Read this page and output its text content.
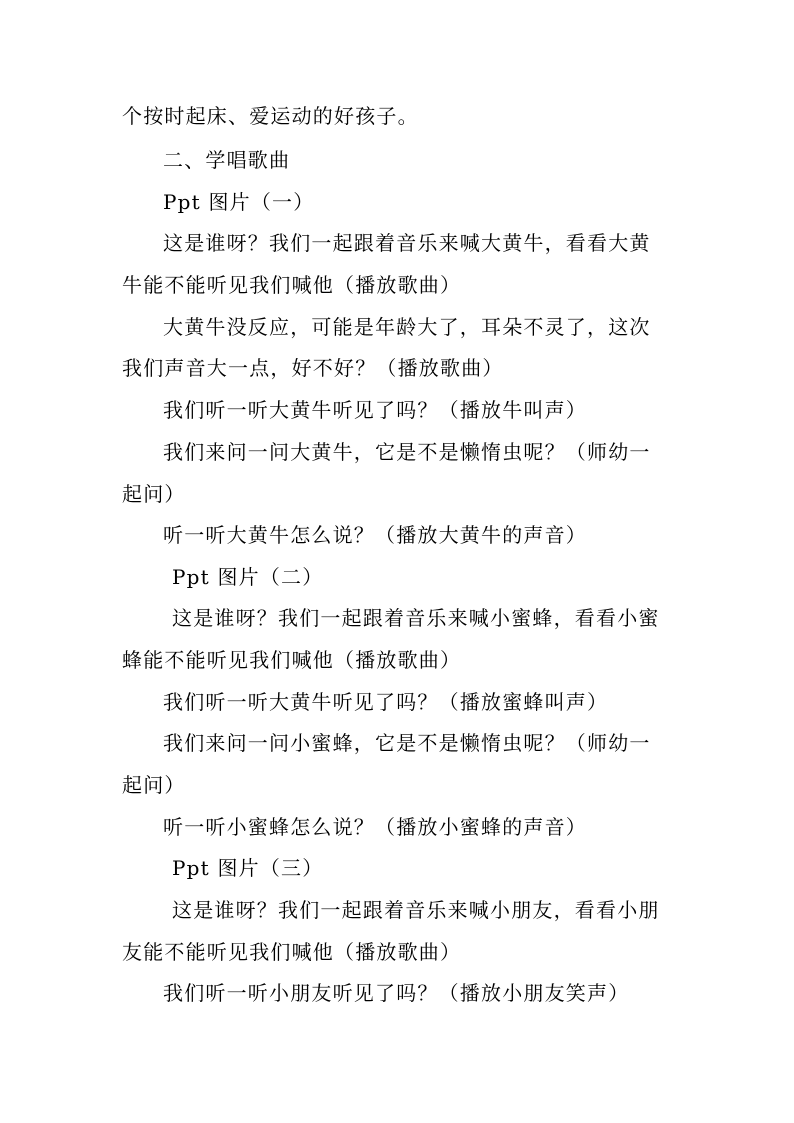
个按时起床、爱运动的好孩子。
二、学唱歌曲
Ppt 图片（一）
这是谁呀？我们一起跟着音乐来喊大黄牛，看看大黄
牛能不能听见我们喊他（播放歌曲）
大黄牛没反应，可能是年龄大了，耳朵不灵了，这次
我们声音大一点，好不好？（播放歌曲）
我们听一听大黄牛听见了吗？（播放牛叫声）
我们来问一问大黄牛，它是不是懒惰虫呢？（师幼一
起问）
听一听大黄牛怎么说？（播放大黄牛的声音）
Ppt 图片（二）
这是谁呀？我们一起跟着音乐来喊小蜜蜂，看看小蜜
蜂能不能听见我们喊他（播放歌曲）
我们听一听大黄牛听见了吗？（播放蜜蜂叫声）
我们来问一问小蜜蜂，它是不是懒惰虫呢？（师幼一
起问）
听一听小蜜蜂怎么说？（播放小蜜蜂的声音）
Ppt 图片（三）
这是谁呀？我们一起跟着音乐来喊小朋友，看看小朋
友能不能听见我们喊他（播放歌曲）
我们听一听小朋友听见了吗？（播放小朋友笑声）
